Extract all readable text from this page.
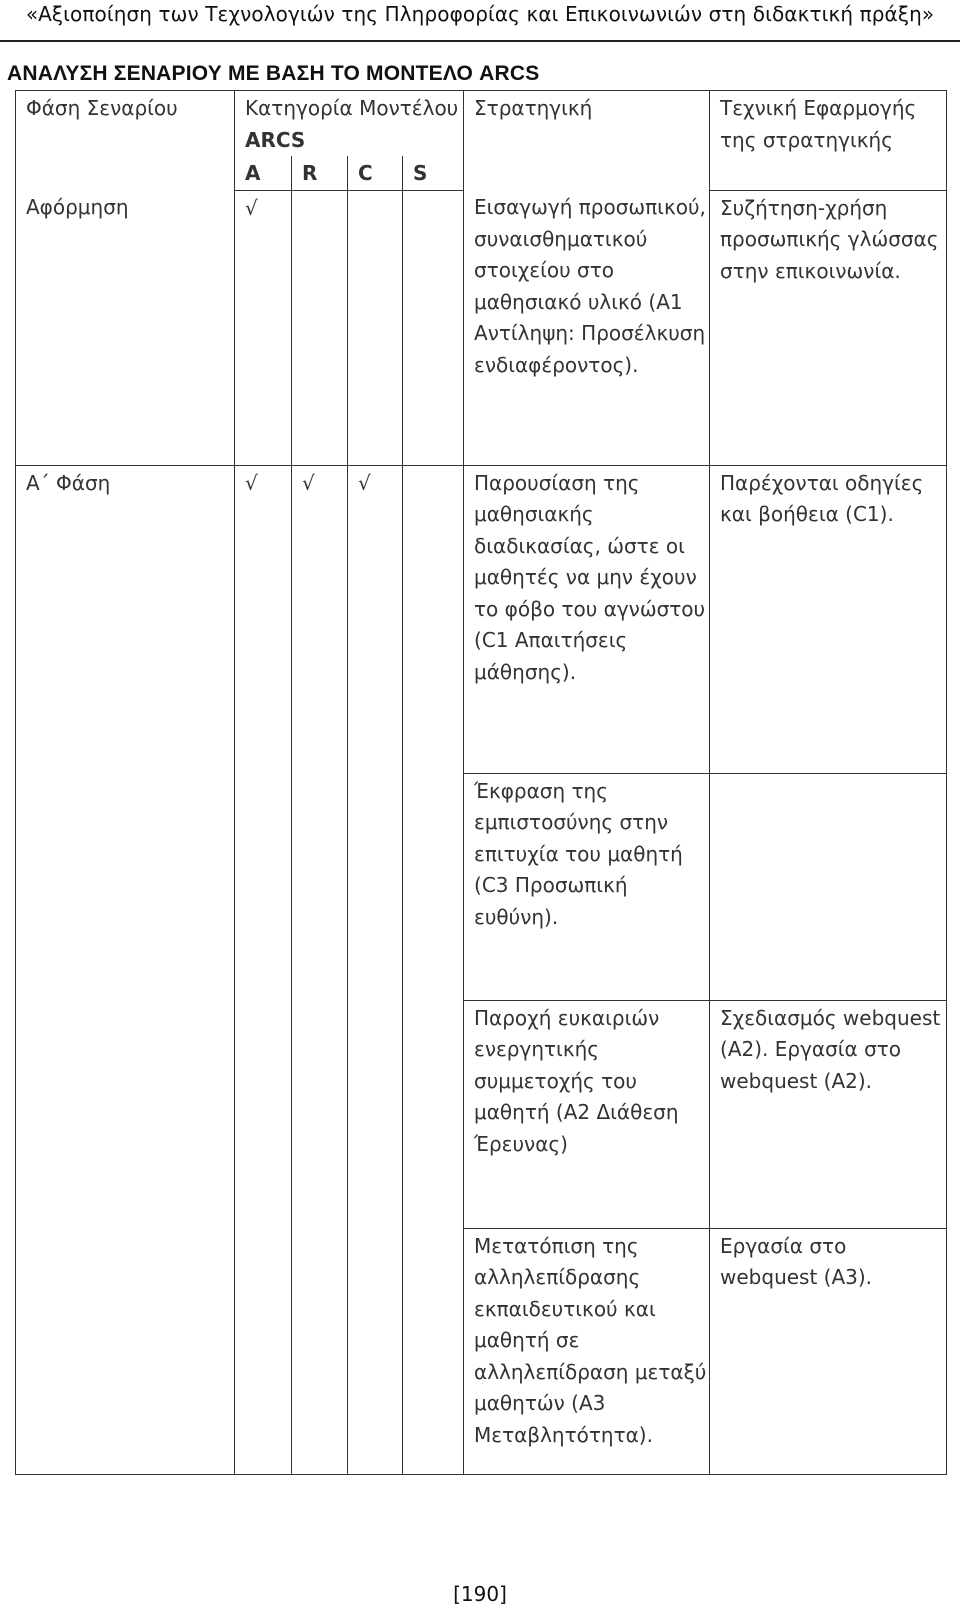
«Αξιοποίηση των Τεχνολογιών της Πληροφορίας και Επικοινωνιών στη διδακτική πράξη»
ΑΝΑΛΥΣΗ ΣΕΝΑΡΙΟΥ ΜΕ ΒΑΣΗ ΤΟ ΜΟΝΤΕΛΟ ARCS
Φάση Σεναρίου	Κατηγορία Μοντέλου ARCS				Στρατηγική	Τεχνική Εφαρμογής της στρατηγικής
	A	R	C	S		
Αφόρμηση	√				Εισαγωγή προσωπικού, συναισθηματικού στοιχείου στο μαθησιακό υλικό (Α1 Αντίληψη: Προσέλκυση ενδιαφέροντος).	Συζήτηση-χρήση προσωπικής γλώσσας στην επικοινωνία.
Α΄ Φάση	√	√	√		Παρουσίαση της μαθησιακής διαδικασίας, ώστε οι μαθητές να μην έχουν το φόβο του αγνώστου (C1 Απαιτήσεις μάθησης).	Παρέχονται οδηγίες και βοήθεια (C1).
					Έκφραση της εμπιστοσύνης στην επιτυχία του μαθητή (C3 Προσωπική ευθύνη).	
					Παροχή ευκαιριών ενεργητικής συμμετοχής του μαθητή (Α2 Διάθεση Έρευνας)	Σχεδιασμός webquest (A2). Εργασία στο webquest (A2).
					Μετατόπιση της αλληλεπίδρασης εκπαιδευτικού και μαθητή σε αλληλεπίδραση μεταξύ μαθητών (Α3 Μεταβλητότητα).	Εργασία στο webquest (A3).
[190]
